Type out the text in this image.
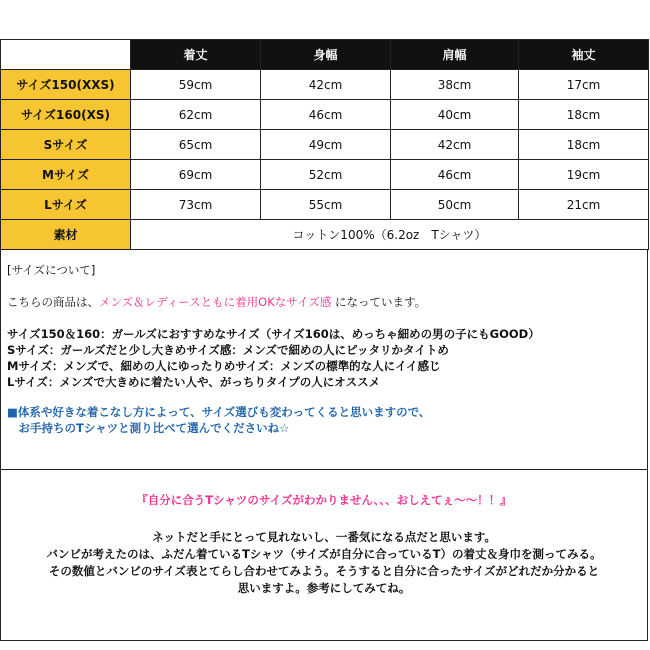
	着丈	身幅	肩幅	袖丈
サイズ150(XXS)	59cm	42cm	38cm	17cm
サイズ160(XS)	62cm	46cm	40cm	18cm
Sサイズ	65cm	49cm	42cm	18cm
Mサイズ	69cm	52cm	46cm	19cm
Lサイズ	73cm	55cm	50cm	21cm
素材	コットン100%（6.2oz　Tシャツ）			
[サイズについて]
こちらの商品は、メンズ＆レディースともに着用OKなサイズ感 になっています。
サイズ150＆160：ガールズにおすすめなサイズ（サイズ160は、めっちゃ細めの男の子にもGOOD）
Sサイズ：ガールズだと少し大きめサイズ感：メンズで細めの人にピッタリかタイトめ
Mサイズ：メンズで、細めの人にゆったりめサイズ：メンズの標準的な人にイイ感じ
Lサイズ：メンズで大きめに着たい人や、がっちりタイプの人にオススメ
■体系や好きな着こなし方によって、サイズ選びも変わってくると思いますので、
　お手持ちのTシャツと測り比べて選んでくださいね☆
『自分に合うTシャツのサイズがわかりません、、、おしえてぇ〜〜！！』
ネットだと手にとって見れないし、一番気になる点だと思います。
バンビが考えたのは、ふだん着ているTシャツ（サイズが自分に合っているT）の着丈＆身巾を測ってみる。
その数値とバンビのサイズ表とてらし合わせてみよう。そうすると自分に合ったサイズがどれだか分かると
思いますよ。参考にしてみてね。
